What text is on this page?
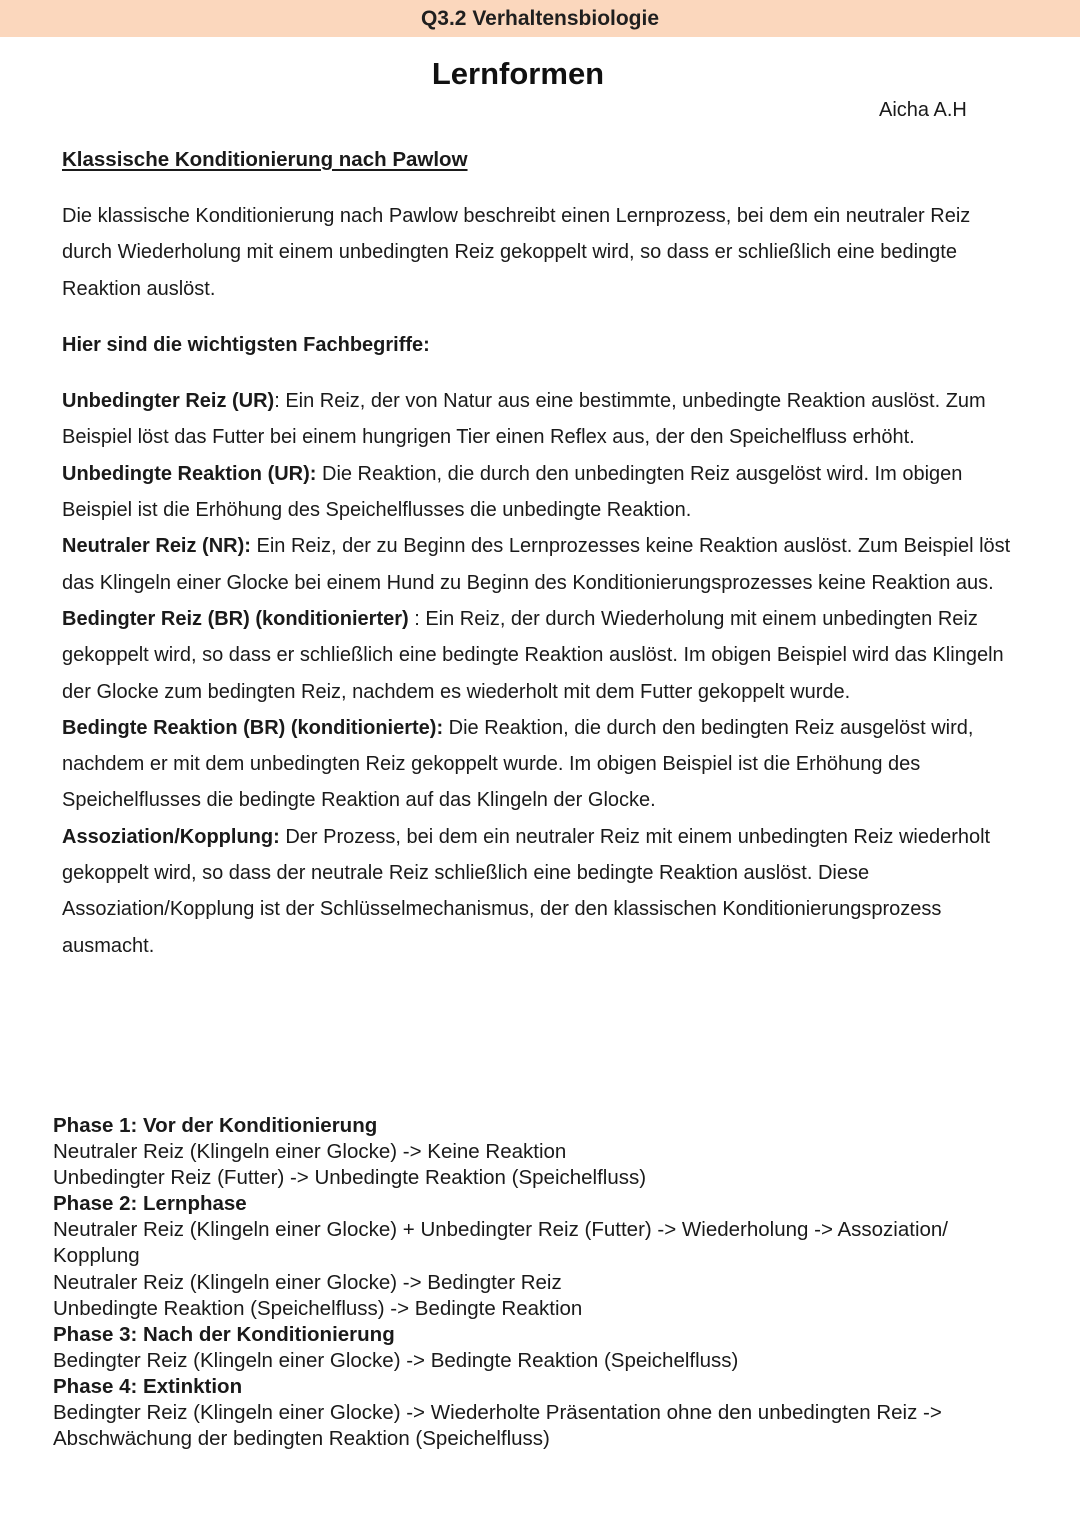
Q3.2 Verhaltensbiologie
Lernformen
Aicha A.H
Klassische Konditionierung nach Pawlow

Die klassische Konditionierung nach Pawlow beschreibt einen Lernprozess, bei dem ein neutraler Reiz durch Wiederholung mit einem unbedingten Reiz gekoppelt wird, so dass er schließlich eine bedingte Reaktion auslöst.

Hier sind die wichtigsten Fachbegriffe:

Unbedingter Reiz (UR): Ein Reiz, der von Natur aus eine bestimmte, unbedingte Reaktion auslöst. Zum Beispiel löst das Futter bei einem hungrigen Tier einen Reflex aus, der den Speichelfluss erhöht.

Unbedingte Reaktion (UR): Die Reaktion, die durch den unbedingten Reiz ausgelöst wird. Im obigen Beispiel ist die Erhöhung des Speichelflusses die unbedingte Reaktion.

Neutraler Reiz (NR): Ein Reiz, der zu Beginn des Lernprozesses keine Reaktion auslöst. Zum Beispiel löst das Klingeln einer Glocke bei einem Hund zu Beginn des Konditionierungsprozesses keine Reaktion aus.

Bedingter Reiz (BR) (konditionierter) : Ein Reiz, der durch Wiederholung mit einem unbedingten Reiz gekoppelt wird, so dass er schließlich eine bedingte Reaktion auslöst. Im obigen Beispiel wird das Klingeln der Glocke zum bedingten Reiz, nachdem es wiederholt mit dem Futter gekoppelt wurde.

Bedingte Reaktion (BR) (konditionierte): Die Reaktion, die durch den bedingten Reiz ausgelöst wird, nachdem er mit dem unbedingten Reiz gekoppelt wurde. Im obigen Beispiel ist die Erhöhung des Speichelflusses die bedingte Reaktion auf das Klingeln der Glocke.

Assoziation/Kopplung: Der Prozess, bei dem ein neutraler Reiz mit einem unbedingten Reiz wiederholt gekoppelt wird, so dass der neutrale Reiz schließlich eine bedingte Reaktion auslöst. Diese Assoziation/Kopplung ist der Schlüsselmechanismus, der den klassischen Konditionierungsprozess ausmacht.

Phase 1: Vor der Konditionierung

Neutraler Reiz (Klingeln einer Glocke) -> Keine Reaktion

Unbedingter Reiz (Futter) -> Unbedingte Reaktion (Speichelfluss)

Phase 2: Lernphase

Neutraler Reiz (Klingeln einer Glocke) + Unbedingter Reiz (Futter) -> Wiederholung -> Assoziation/ Kopplung

Neutraler Reiz (Klingeln einer Glocke) -> Bedingter Reiz

Unbedingte Reaktion (Speichelfluss) -> Bedingte Reaktion

Phase 3: Nach der Konditionierung

Bedingter Reiz (Klingeln einer Glocke) -> Bedingte Reaktion (Speichelfluss)

Phase 4: Extinktion

Bedingter Reiz (Klingeln einer Glocke) -> Wiederholte Präsentation ohne den unbedingten Reiz -> Abschwächung der bedingten Reaktion (Speichelfluss)
